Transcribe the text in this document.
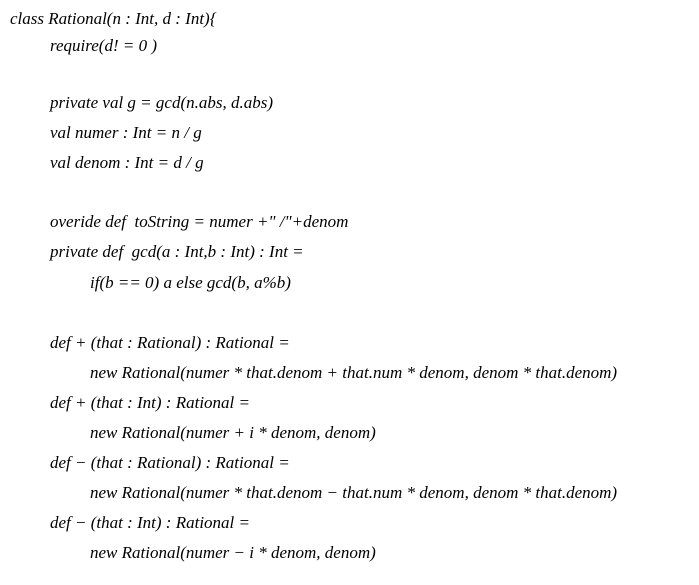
class Rational(n : Int, d : Int){

require(d! = 0 )

private val g = gcd(n.abs, d.abs)

val numer : Int = n / g

val denom : Int = d / g

overide def  toString = numer +" /"+denom

private def  gcd(a : Int,b : Int) : Int =

if(b == 0) a else gcd(b, a%b)

def + (that : Rational) : Rational =

new Rational(numer * that.denom + that.num * denom, denom * that.denom)

def + (that : Int) : Rational =

new Rational(numer + i * denom, denom)

def − (that : Rational) : Rational =

new Rational(numer * that.denom − that.num * denom, denom * that.denom)

def − (that : Int) : Rational =

new Rational(numer − i * denom, denom)
